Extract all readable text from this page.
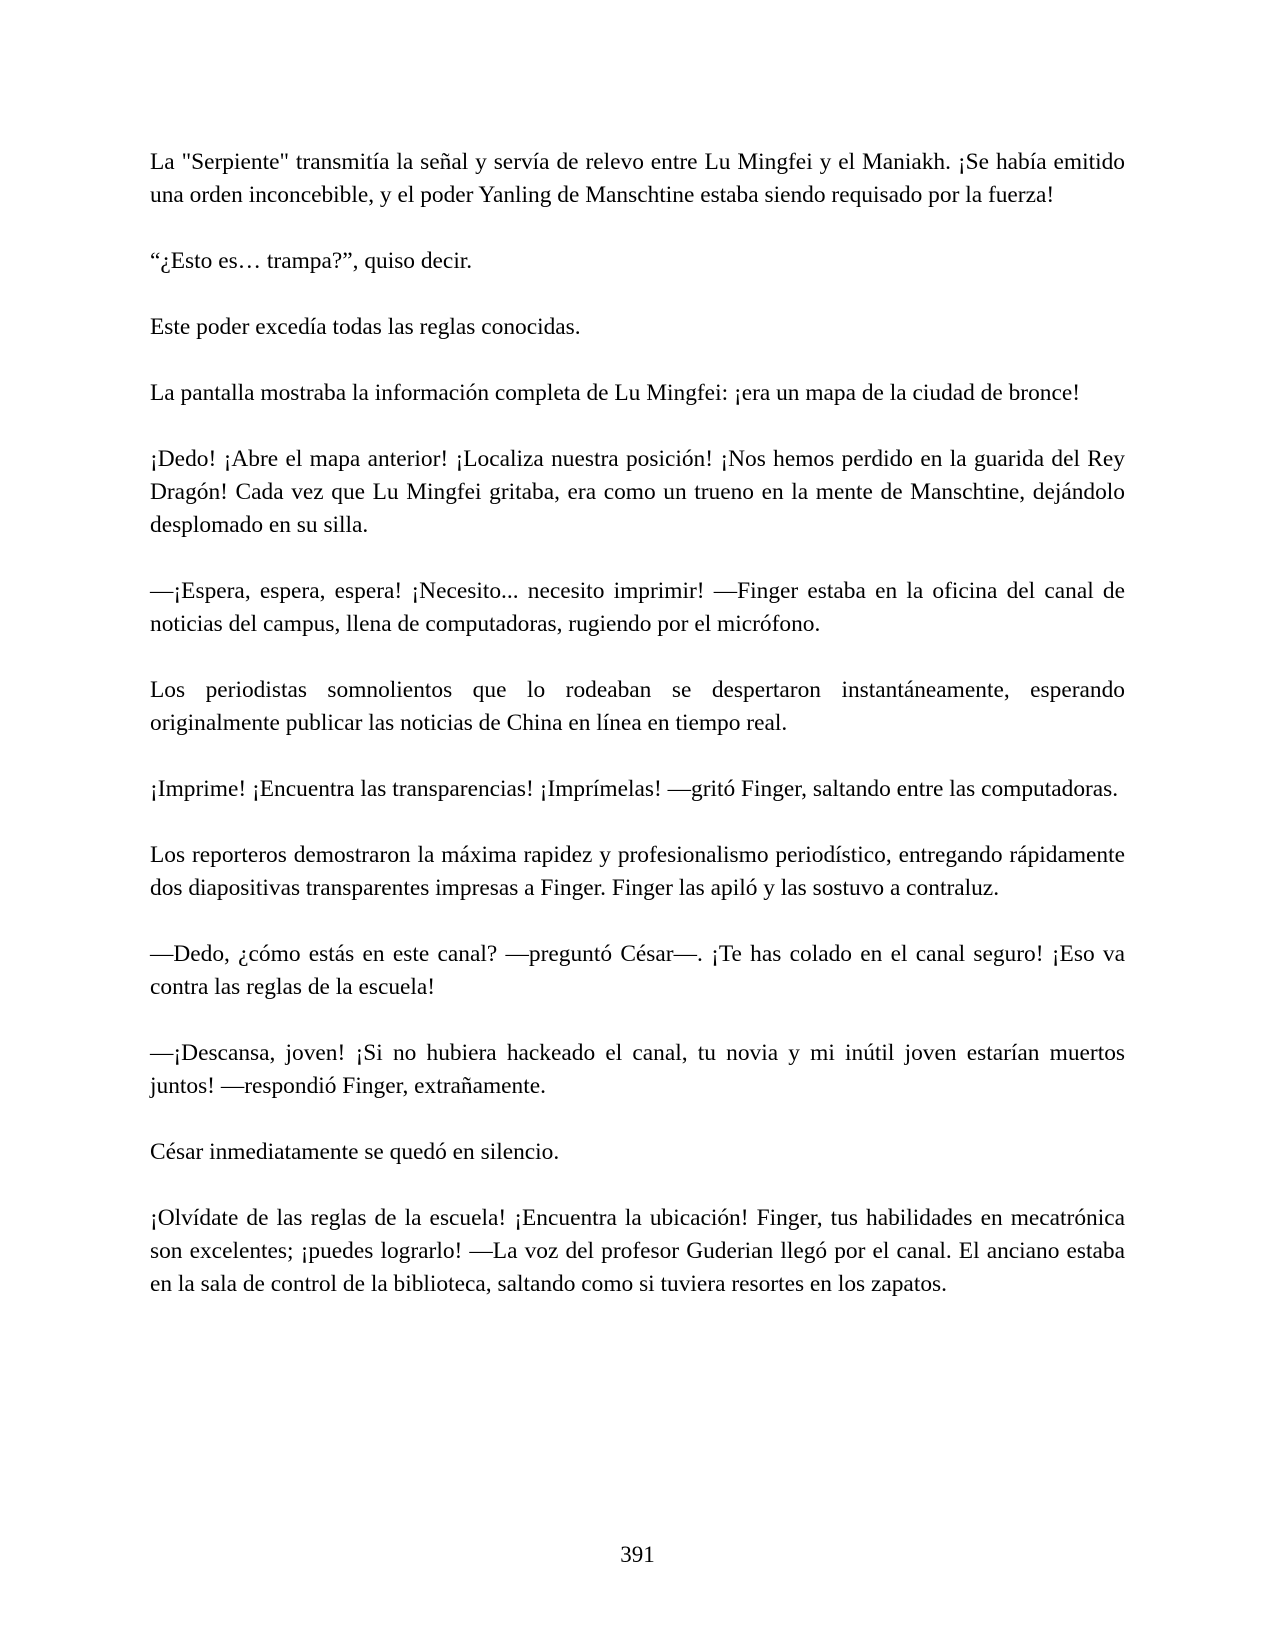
La "Serpiente" transmitía la señal y servía de relevo entre Lu Mingfei y el Maniakh. ¡Se había emitido una orden inconcebible, y el poder Yanling de Manschtine estaba siendo requisado por la fuerza!

“¿Esto es… trampa?”, quiso decir.

Este poder excedía todas las reglas conocidas.

La pantalla mostraba la información completa de Lu Mingfei: ¡era un mapa de la ciudad de bronce!

¡Dedo! ¡Abre el mapa anterior! ¡Localiza nuestra posición! ¡Nos hemos perdido en la guarida del Rey Dragón! Cada vez que Lu Mingfei gritaba, era como un trueno en la mente de Manschtine, dejándolo desplomado en su silla.

—¡Espera, espera, espera! ¡Necesito... necesito imprimir! —Finger estaba en la oficina del canal de noticias del campus, llena de computadoras, rugiendo por el micrófono.

Los periodistas somnolientos que lo rodeaban se despertaron instantáneamente, esperando originalmente publicar las noticias de China en línea en tiempo real.

¡Imprime! ¡Encuentra las transparencias! ¡Imprímelas! —gritó Finger, saltando entre las computadoras.

Los reporteros demostraron la máxima rapidez y profesionalismo periodístico, entregando rápidamente dos diapositivas transparentes impresas a Finger. Finger las apiló y las sostuvo a contraluz.

—Dedo, ¿cómo estás en este canal? —preguntó César—. ¡Te has colado en el canal seguro! ¡Eso va contra las reglas de la escuela!

—¡Descansa, joven! ¡Si no hubiera hackeado el canal, tu novia y mi inútil joven estarían muertos juntos! —respondió Finger, extrañamente.

César inmediatamente se quedó en silencio.

¡Olvídate de las reglas de la escuela! ¡Encuentra la ubicación! Finger, tus habilidades en mecatrónica son excelentes; ¡puedes lograrlo! —La voz del profesor Guderian llegó por el canal. El anciano estaba en la sala de control de la biblioteca, saltando como si tuviera resortes en los zapatos.

391
